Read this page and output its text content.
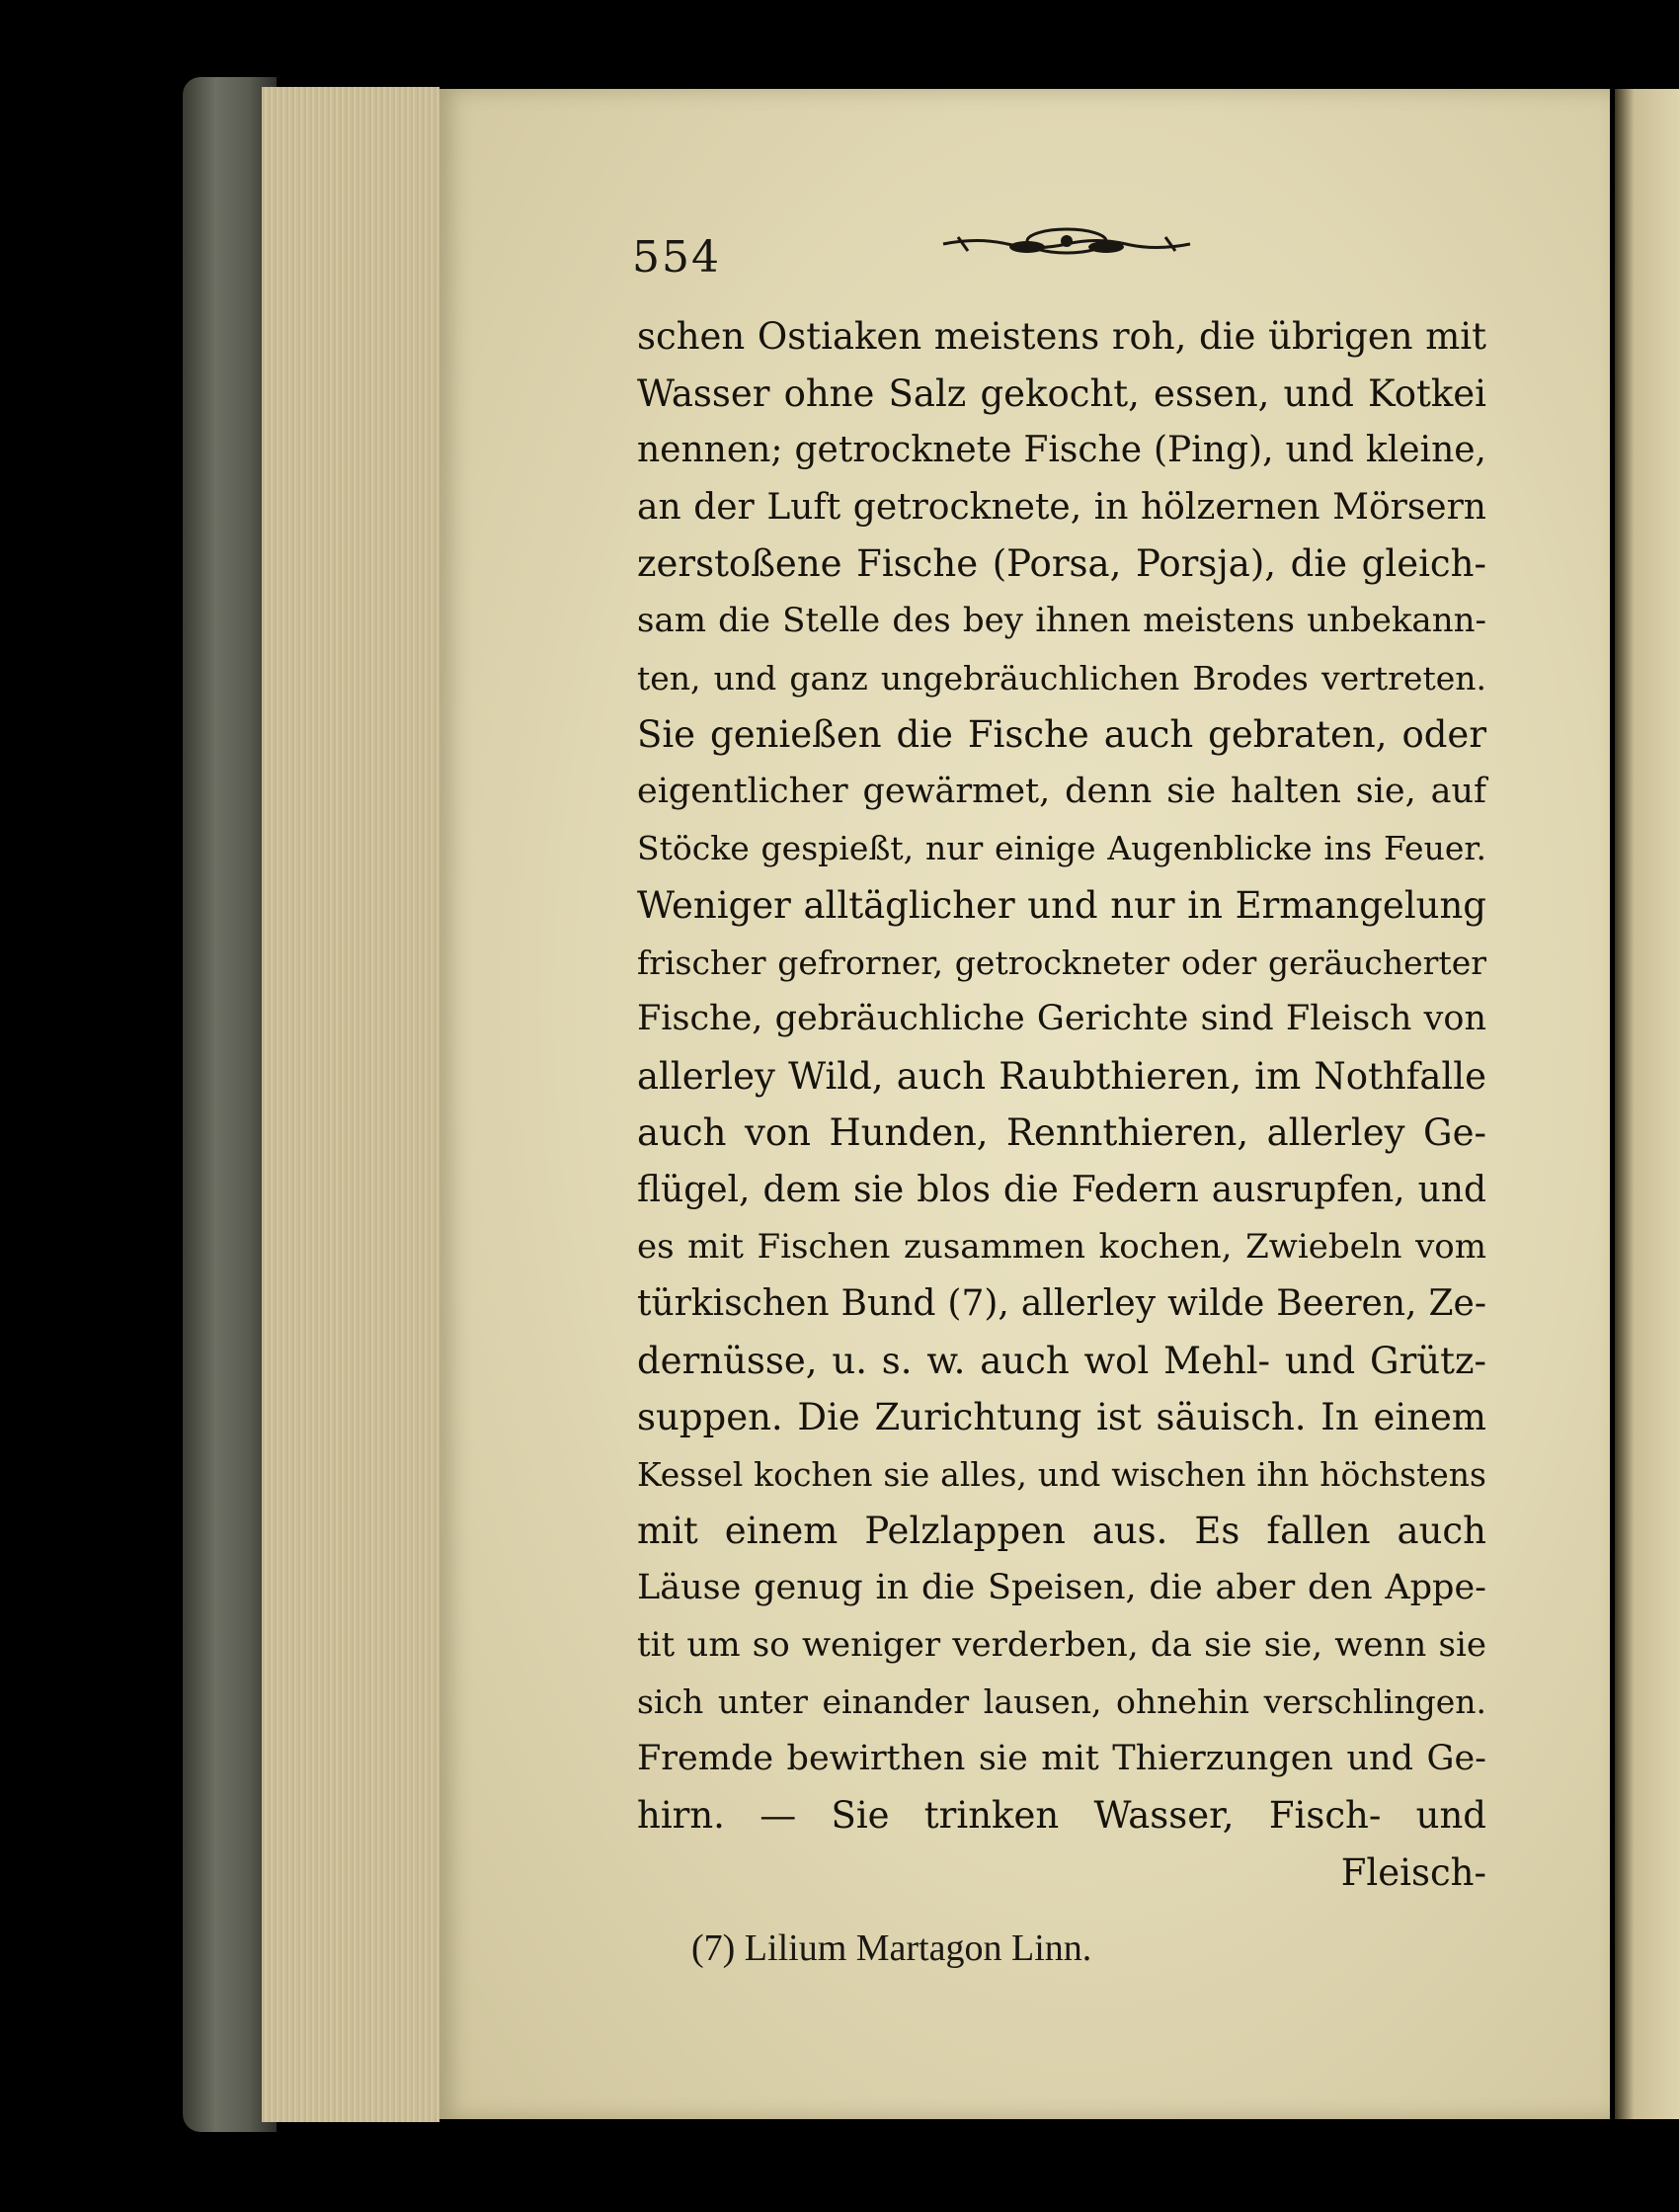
554
schen Ostiaken meistens roh, die übrigen mit
Wasser ohne Salz gekocht, essen, und Kotkei
nennen; getrocknete Fische (Ping), und kleine,
an der Luft getrocknete, in hölzernen Mörsern
zerstoßene Fische (Porsa, Porsja), die gleich-
sam die Stelle des bey ihnen meistens unbekann-
ten, und ganz ungebräuchlichen Brodes vertreten.
Sie genießen die Fische auch gebraten, oder
eigentlicher gewärmet, denn sie halten sie, auf
Stöcke gespießt, nur einige Augenblicke ins Feuer.
Weniger alltäglicher und nur in Ermangelung
frischer gefrorner, getrockneter oder geräucherter
Fische, gebräuchliche Gerichte sind Fleisch von
allerley Wild, auch Raubthieren, im Nothfalle
auch von Hunden, Rennthieren, allerley Ge-
flügel, dem sie blos die Federn ausrupfen, und
es mit Fischen zusammen kochen, Zwiebeln vom
türkischen Bund (7), allerley wilde Beeren, Ze-
dernüsse, u. s. w. auch wol Mehl- und Grütz-
suppen. Die Zurichtung ist säuisch. In einem
Kessel kochen sie alles, und wischen ihn höchstens
mit einem Pelzlappen aus. Es fallen auch
Läuse genug in die Speisen, die aber den Appe-
tit um so weniger verderben, da sie sie, wenn sie
sich unter einander lausen, ohnehin verschlingen.
Fremde bewirthen sie mit Thierzungen und Ge-
hirn. — Sie trinken Wasser, Fisch- und
Fleisch-
(7) Lilium Martagon Linn.
